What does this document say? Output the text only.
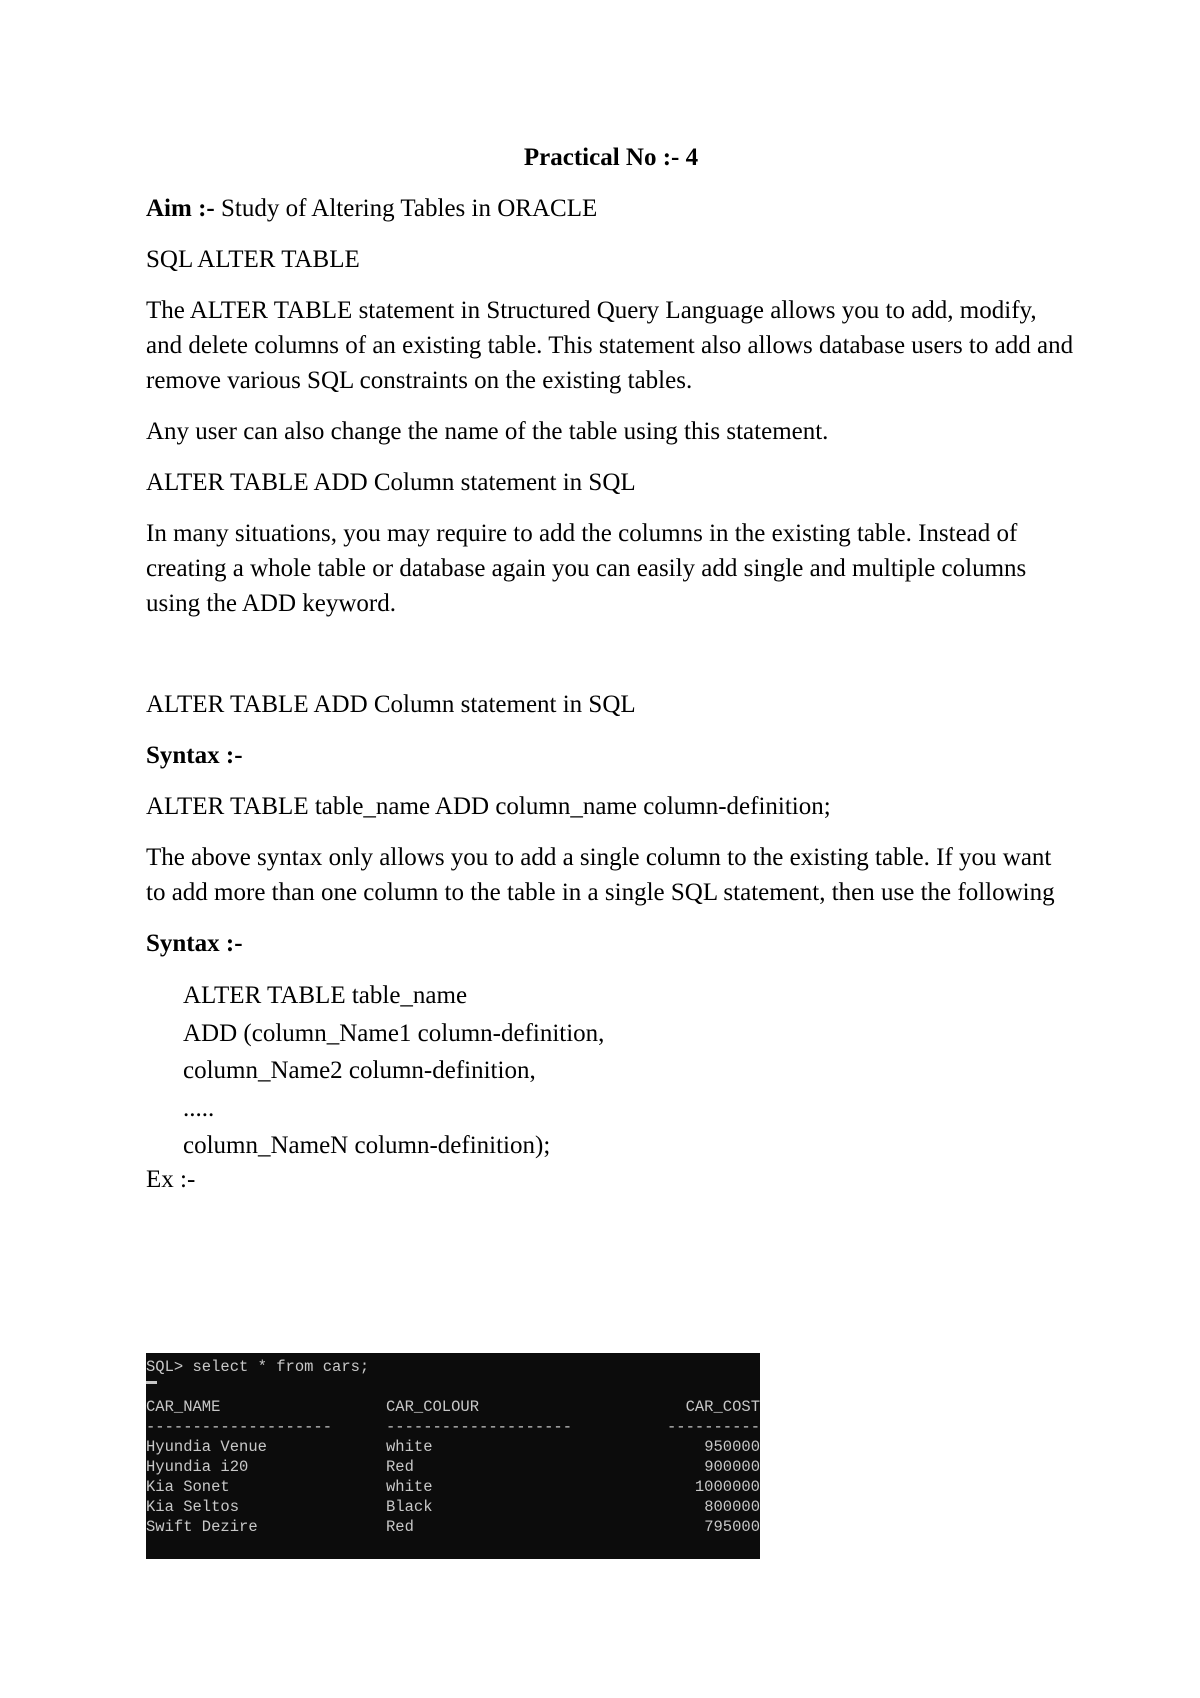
Practical No :- 4

Aim :- Study of Altering Tables in ORACLE

SQL ALTER TABLE

The ALTER TABLE statement in Structured Query Language allows you to add, modify, and delete columns of an existing table. This statement also allows database users to add and remove various SQL constraints on the existing tables.

Any user can also change the name of the table using this statement.

ALTER TABLE ADD Column statement in SQL

In many situations, you may require to add the columns in the existing table. Instead of creating a whole table or database again you can easily add single and multiple columns using the ADD keyword.

ALTER TABLE ADD Column statement in SQL

Syntax :-

ALTER TABLE table_name ADD column_name column-definition;

The above syntax only allows you to add a single column to the existing table. If you want to add more than one column to the table in a single SQL statement, then use the following

Syntax :-

ALTER TABLE table_name
ADD (column_Name1 column-definition,
column_Name2 column-definition,
.....
column_NameN column-definition);

Ex :-

SQL> select * from cars;
CAR_NAME	CAR_COLOUR	CAR_COST
--------------------	--------------------	----------
Hyundia Venue	white	950000
Hyundia i20	Red	900000
Kia Sonet	white	1000000
Kia Seltos	Black	800000
Swift Dezire	Red	795000
